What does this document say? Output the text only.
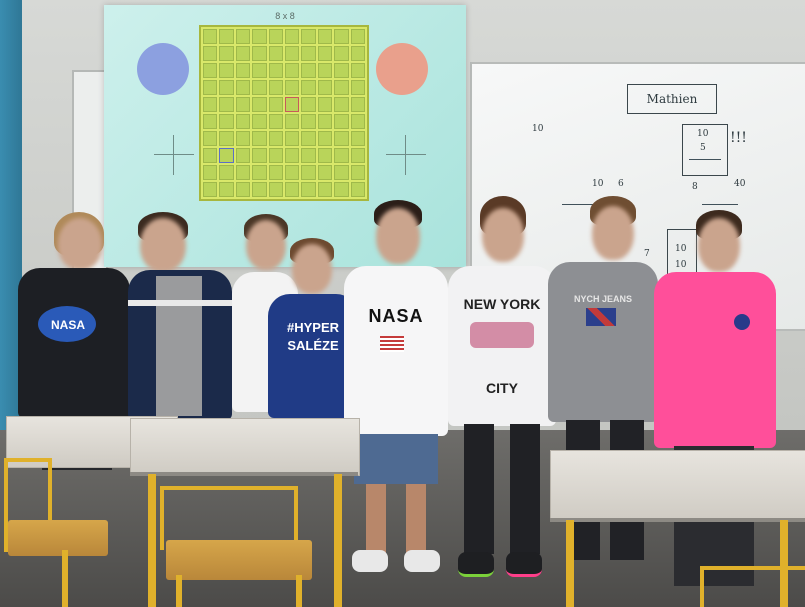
Mathien
10
5
!!!
10 6	40
8
10
7	10
10
8 x 8
NASA	#HYPER
SALÉZE
NASA
NEW YORK
CITY
NYCH JEANS
